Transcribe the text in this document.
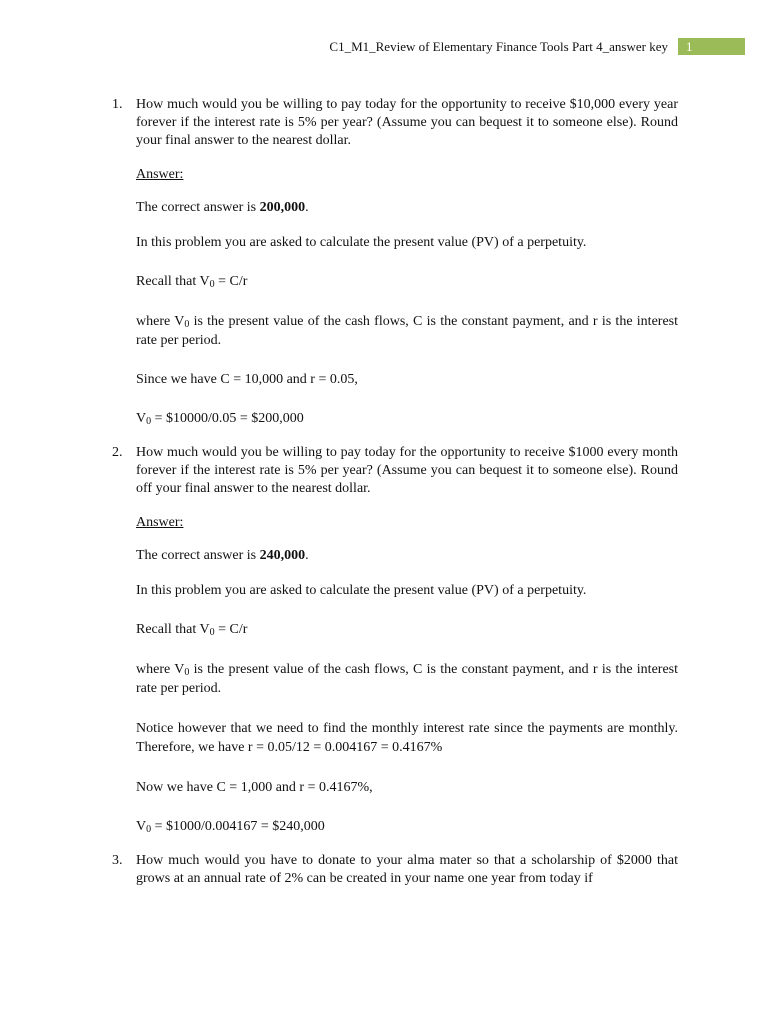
C1_M1_Review of Elementary Finance Tools Part 4_answer key	1
1. How much would you be willing to pay today for the opportunity to receive $10,000 every year forever if the interest rate is 5% per year? (Assume you can bequest it to someone else). Round your final answer to the nearest dollar.
Answer:
The correct answer is 200,000.
In this problem you are asked to calculate the present value (PV) of a perpetuity.
Recall that $V_0 = C/r$
where $V_0$ is the present value of the cash flows, C is the constant payment, and r is the interest rate per period.
Since we have C = 10,000 and r = 0.05,
$V_0$ = $10000/0.05 = $200,000
2. How much would you be willing to pay today for the opportunity to receive $1000 every month forever if the interest rate is 5% per year? (Assume you can bequest it to someone else). Round off your final answer to the nearest dollar.
Answer:
The correct answer is 240,000.
In this problem you are asked to calculate the present value (PV) of a perpetuity.
Recall that $V_0 = C/r$
where $V_0$ is the present value of the cash flows, C is the constant payment, and r is the interest rate per period.
Notice however that we need to find the monthly interest rate since the payments are monthly. Therefore, we have r = 0.05/12 = 0.004167 = 0.4167%
Now we have C = 1,000 and r = 0.4167%,
$V_0$ = $1000/0.004167 = $240,000
3. How much would you have to donate to your alma mater so that a scholarship of $2000 that grows at an annual rate of 2% can be created in your name one year from today if
